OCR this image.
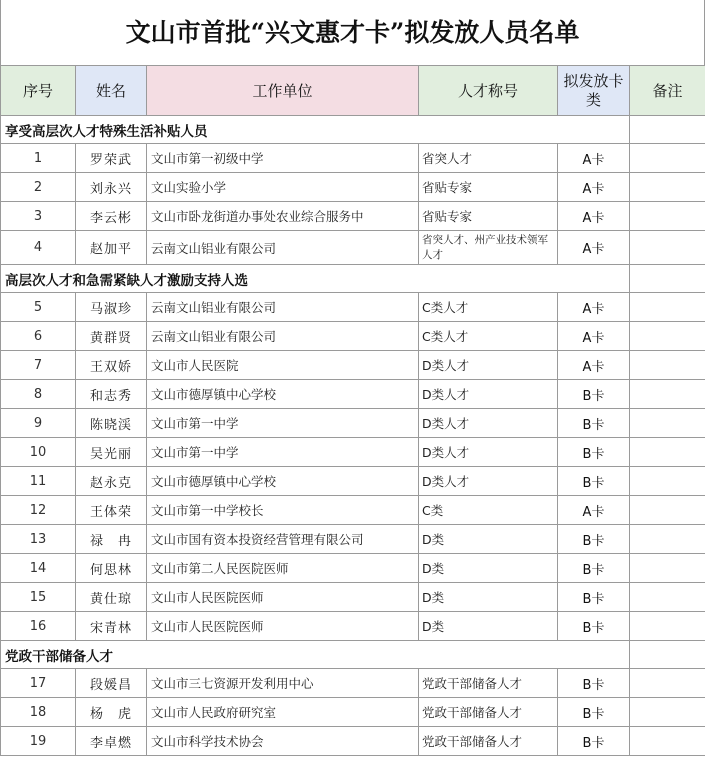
文山市首批“兴文惠才卡”拟发放人员名单
序号	姓名	工作单位	人才称号	拟发放卡类	备注
享受高层次人才特殊生活补贴人员					
1	罗荣武	文山市第一初级中学	省突人才	A卡	
2	刘永兴	文山实验小学	省贴专家	A卡	
3	李云彬	文山市卧龙街道办事处农业综合服务中	省贴专家	A卡	
4	赵加平	云南文山铝业有限公司	省突人才、州产业技术领军人才	A卡	
高层次人才和急需紧缺人才激励支持人选					
5	马淑珍	云南文山铝业有限公司	C类人才	A卡	
6	黄群贤	云南文山铝业有限公司	C类人才	A卡	
7	王双娇	文山市人民医院	D类人才	A卡	
8	和志秀	文山市德厚镇中心学校	D类人才	B卡	
9	陈晓渓	文山市第一中学	D类人才	B卡	
10	吴光丽	文山市第一中学	D类人才	B卡	
11	赵永克	文山市德厚镇中心学校	D类人才	B卡	
12	王体荣	文山市第一中学校长	C类	A卡	
13	禄　冉	文山市国有资本投资经营管理有限公司	D类	B卡	
14	何思林	文山市第二人民医院医师	D类	B卡	
15	黄仕琼	文山市人民医院医师	D类	B卡	
16	宋青林	文山市人民医院医师	D类	B卡	
党政干部储备人才					
17	段媛昌	文山市三七资源开发利用中心	党政干部储备人才	B卡	
18	杨　虎	文山市人民政府研究室	党政干部储备人才	B卡	
19	李卓燃	文山市科学技术协会	党政干部储备人才	B卡	
